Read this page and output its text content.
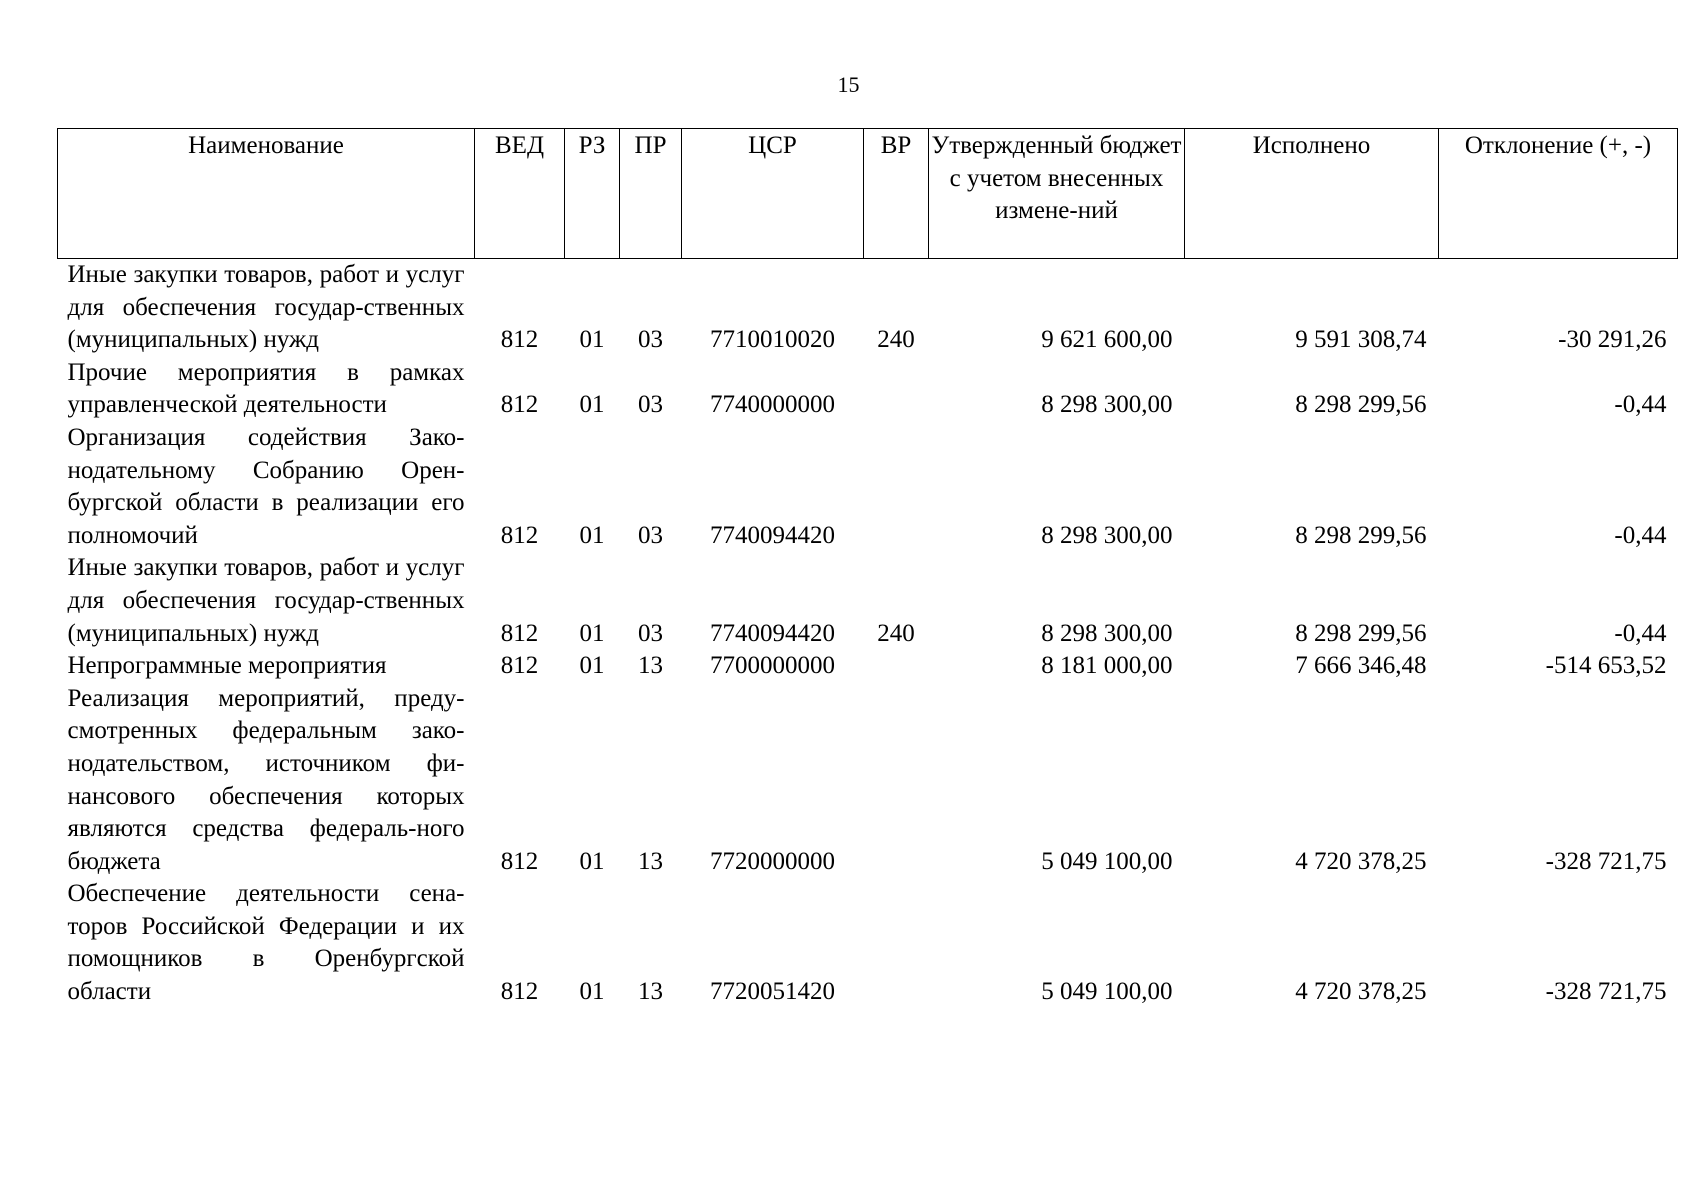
15
Наименование	ВЕД	РЗ	ПР	ЦСР	ВР	Утвержденный бюджет с учетом внесенных измене-ний	Исполнено	Отклонение (+, -)
Иные закупки товаров, работ и услуг для обеспечения государ-ственных (муниципальных) нужд	812	01	03	7710010020	240	9 621 600,00	9 591 308,74	-30 291,26
Прочие мероприятия в рамках управленческой деятельности	812	01	03	7740000000		8 298 300,00	8 298 299,56	-0,44
Организация содействия Зако-нодательному Собранию Орен-бургской области в реализации его полномочий	812	01	03	7740094420		8 298 300,00	8 298 299,56	-0,44
Иные закупки товаров, работ и услуг для обеспечения государ-ственных (муниципальных) нужд	812	01	03	7740094420	240	8 298 300,00	8 298 299,56	-0,44
Непрограммные мероприятия	812	01	13	7700000000		8 181 000,00	7 666 346,48	-514 653,52
Реализация мероприятий, преду-смотренных федеральным зако-нодательством, источником фи-нансового обеспечения которых являются средства федераль-ного бюджета	812	01	13	7720000000		5 049 100,00	4 720 378,25	-328 721,75
Обеспечение деятельности сена-торов Российской Федерации и их помощников в Оренбургской области	812	01	13	7720051420		5 049 100,00	4 720 378,25	-328 721,75
